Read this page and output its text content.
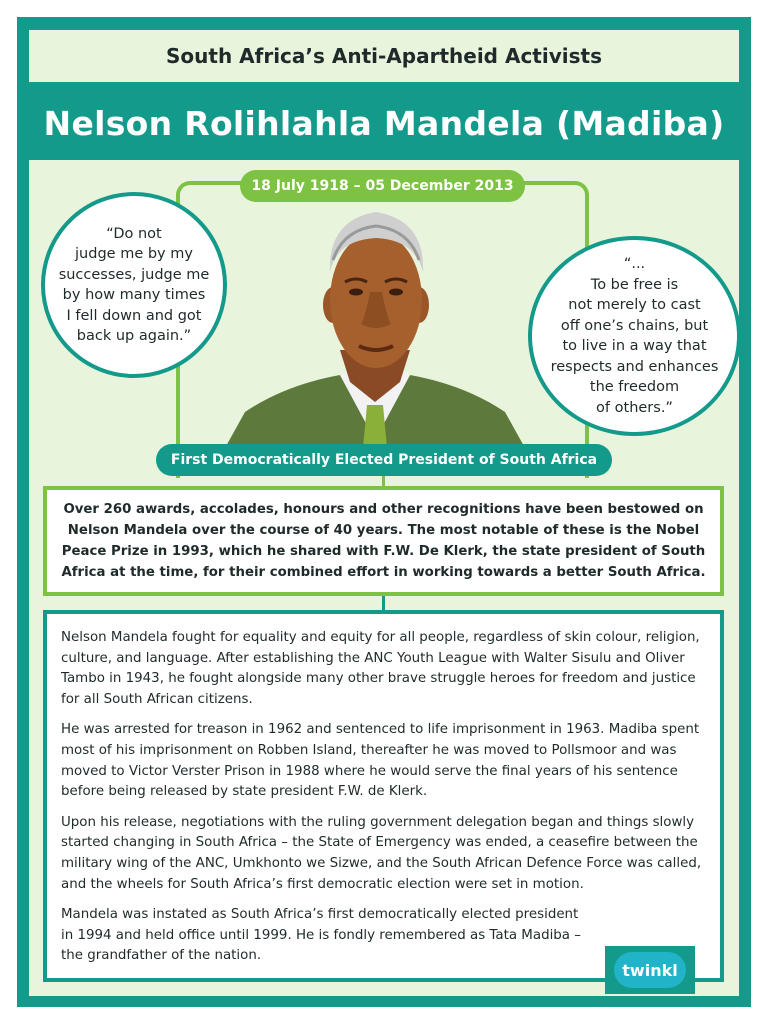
South Africa’s Anti-Apartheid Activists
Nelson Rolihlahla Mandela (Madiba)
18 July 1918 – 05 December 2013
“Do not
judge me by my
successes, judge me
by how many times
I fell down and got
back up again.”
“...
To be free is
not merely to cast
off one’s chains, but
to live in a way that
respects and enhances
the freedom
of others.”
First Democratically Elected President of South Africa
Over 260 awards, accolades, honours and other recognitions have been bestowed on Nelson Mandela over the course of 40 years. The most notable of these is the Nobel Peace Prize in 1993, which he shared with F.W. De Klerk, the state president of South Africa at the time, for their combined effort in working towards a better South Africa.

Nelson Mandela fought for equality and equity for all people, regardless of skin colour, religion, culture, and language. After establishing the ANC Youth League with Walter Sisulu and Oliver Tambo in 1943, he fought alongside many other brave struggle heroes for freedom and justice for all South African citizens.

He was arrested for treason in 1962 and sentenced to life imprisonment in 1963. Madiba spent most of his imprisonment on Robben Island, thereafter he was moved to Pollsmoor and was moved to Victor Verster Prison in 1988 where he would serve the final years of his sentence before being released by state president F.W. de Klerk.

Upon his release, negotiations with the ruling government delegation began and things slowly started changing in South Africa – the State of Emergency was ended, a ceasefire between the military wing of the ANC, Umkhonto we Sizwe, and the South African Defence Force was called, and the wheels for South Africa’s first democratic election were set in motion.

Mandela was instated as South Africa’s first democratically elected president in 1994 and held office until 1999. He is fondly remembered as Tata Madiba – the grandfather of the nation.

twinkl
